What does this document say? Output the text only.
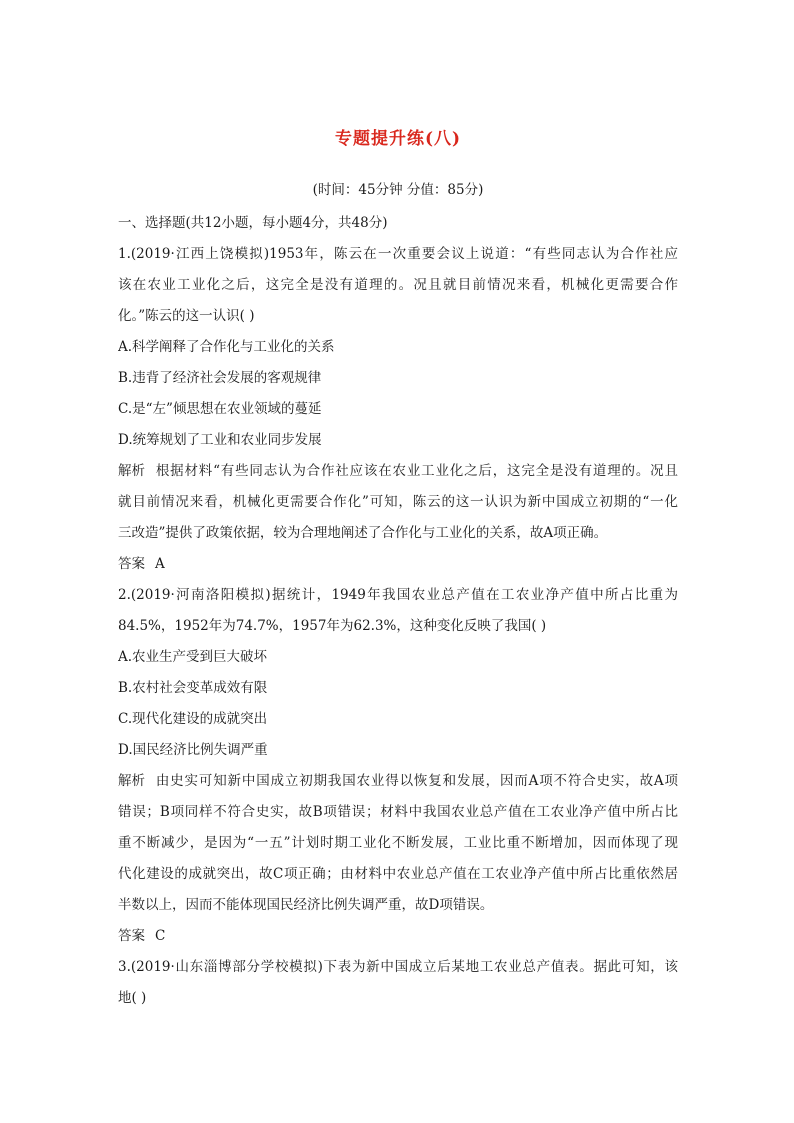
专题提升练(八)
(时间：45分钟 分值：85分)
一、选择题(共12小题，每小题4分，共48分)
1.(2019·江西上饶模拟)1953年，陈云在一次重要会议上说道：“有些同志认为合作社应
该在农业工业化之后，这完全是没有道理的。况且就目前情况来看，机械化更需要合作
化。”陈云的这一认识( )
A.科学阐释了合作化与工业化的关系
B.违背了经济社会发展的客观规律
C.是“左”倾思想在农业领域的蔓延
D.统筹规划了工业和农业同步发展
解析 根据材料“有些同志认为合作社应该在农业工业化之后，这完全是没有道理的。况且
就目前情况来看，机械化更需要合作化”可知，陈云的这一认识为新中国成立初期的“一化
三改造”提供了政策依据，较为合理地阐述了合作化与工业化的关系，故A项正确。
答案 A
2.(2019·河南洛阳模拟)据统计，1949年我国农业总产值在工农业净产值中所占比重为
84.5%，1952年为74.7%，1957年为62.3%，这种变化反映了我国( )
A.农业生产受到巨大破坏
B.农村社会变革成效有限
C.现代化建设的成就突出
D.国民经济比例失调严重
解析 由史实可知新中国成立初期我国农业得以恢复和发展，因而A项不符合史实，故A项
错误；B项同样不符合史实，故B项错误；材料中我国农业总产值在工农业净产值中所占比
重不断减少，是因为“一五”计划时期工业化不断发展，工业比重不断增加，因而体现了现
代化建设的成就突出，故C项正确；由材料中农业总产值在工农业净产值中所占比重依然居
半数以上，因而不能体现国民经济比例失调严重，故D项错误。
答案 C
3.(2019·山东淄博部分学校模拟)下表为新中国成立后某地工农业总产值表。据此可知，该
地( )
